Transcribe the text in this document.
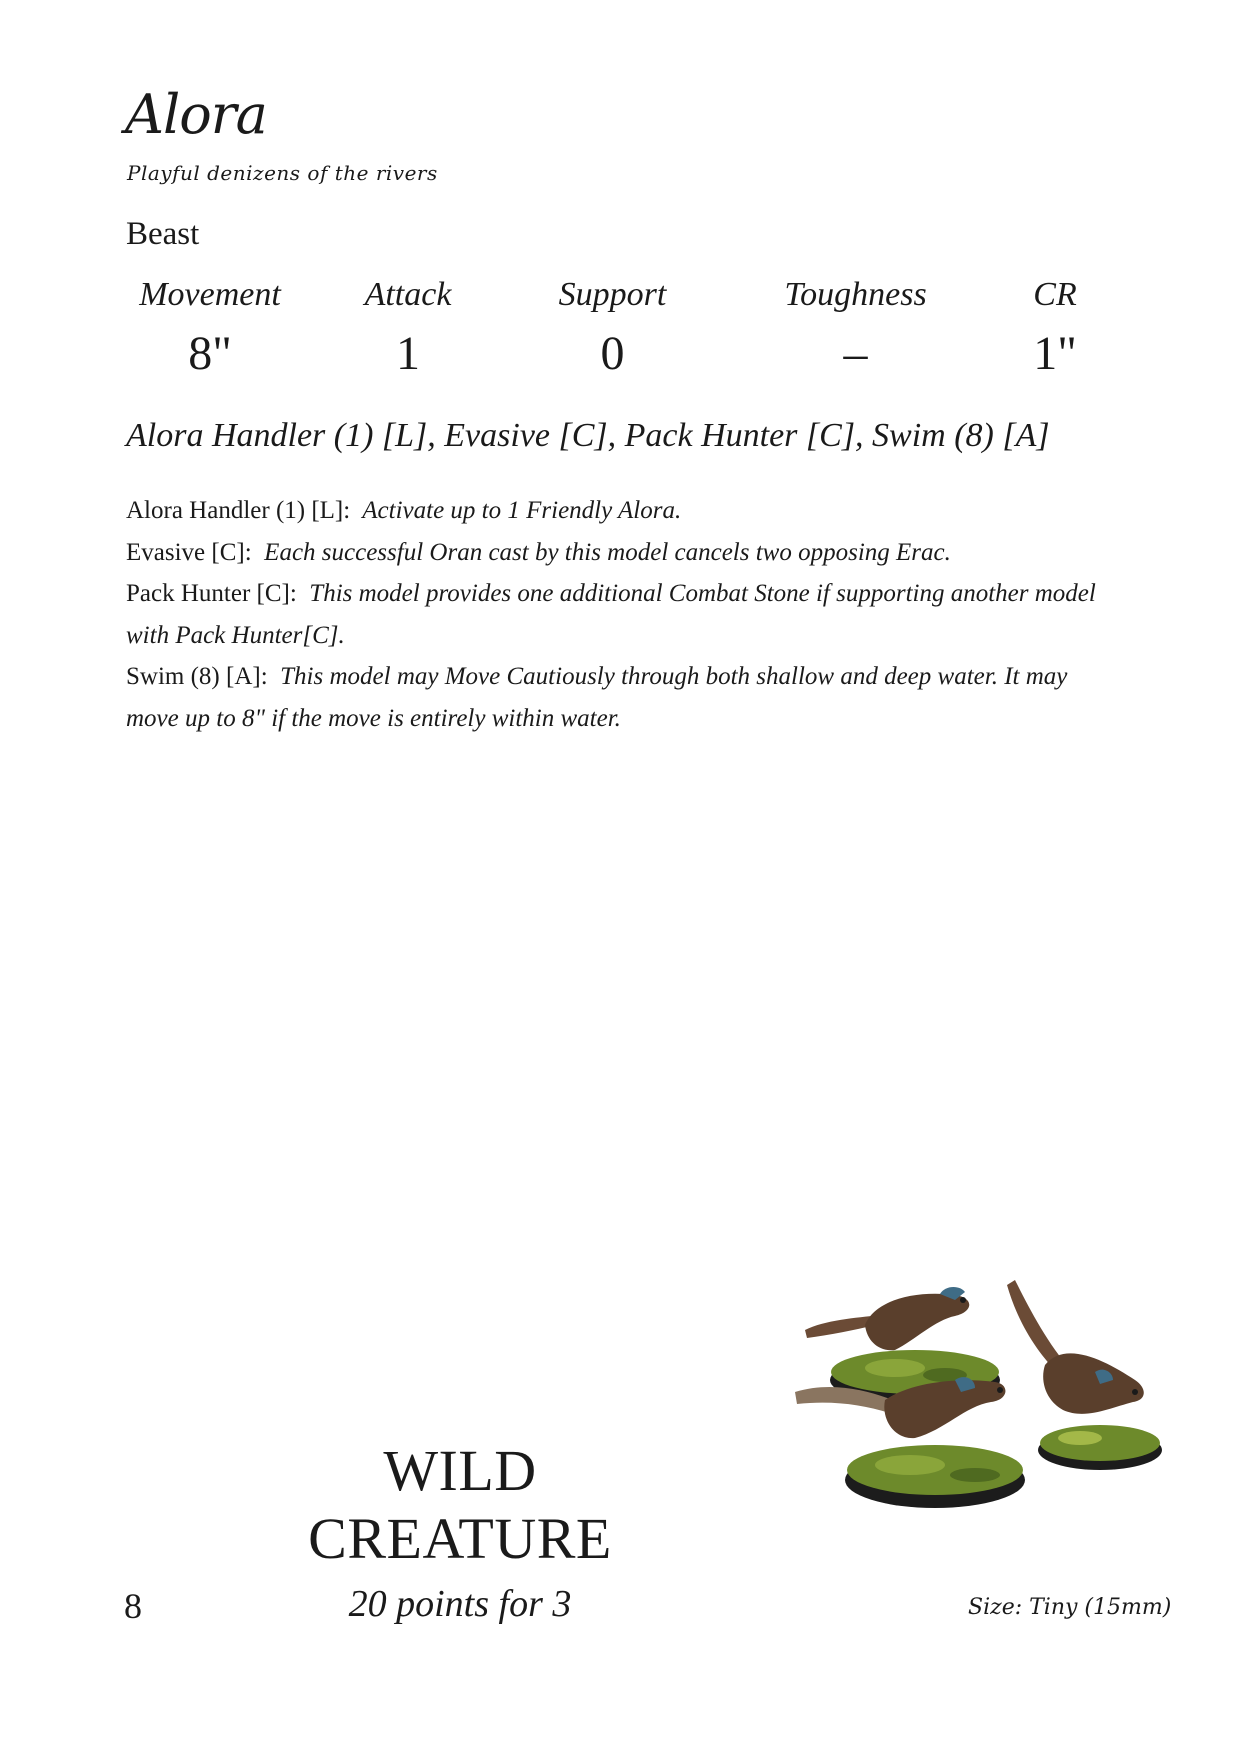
Alora
Playful denizens of the rivers
Beast
Movement
8"
Attack
1
Support
0
Toughness
–
CR
1"
Alora Handler (1) [L], Evasive [C], Pack Hunter [C], Swim (8) [A]

Alora Handler (1) [L]: Activate up to 1 Friendly Alora.

Evasive [C]: Each successful Oran cast by this model cancels two opposing Erac.

Pack Hunter [C]: This model provides one additional Combat Stone if supporting another model with Pack Hunter[C].

Swim (8) [A]: This model may Move Cautiously through both shallow and deep water. It may move up to 8" if the move is entirely within water.

WILD
CREATURE
8	20 points for 3	Size: Tiny (15mm)
